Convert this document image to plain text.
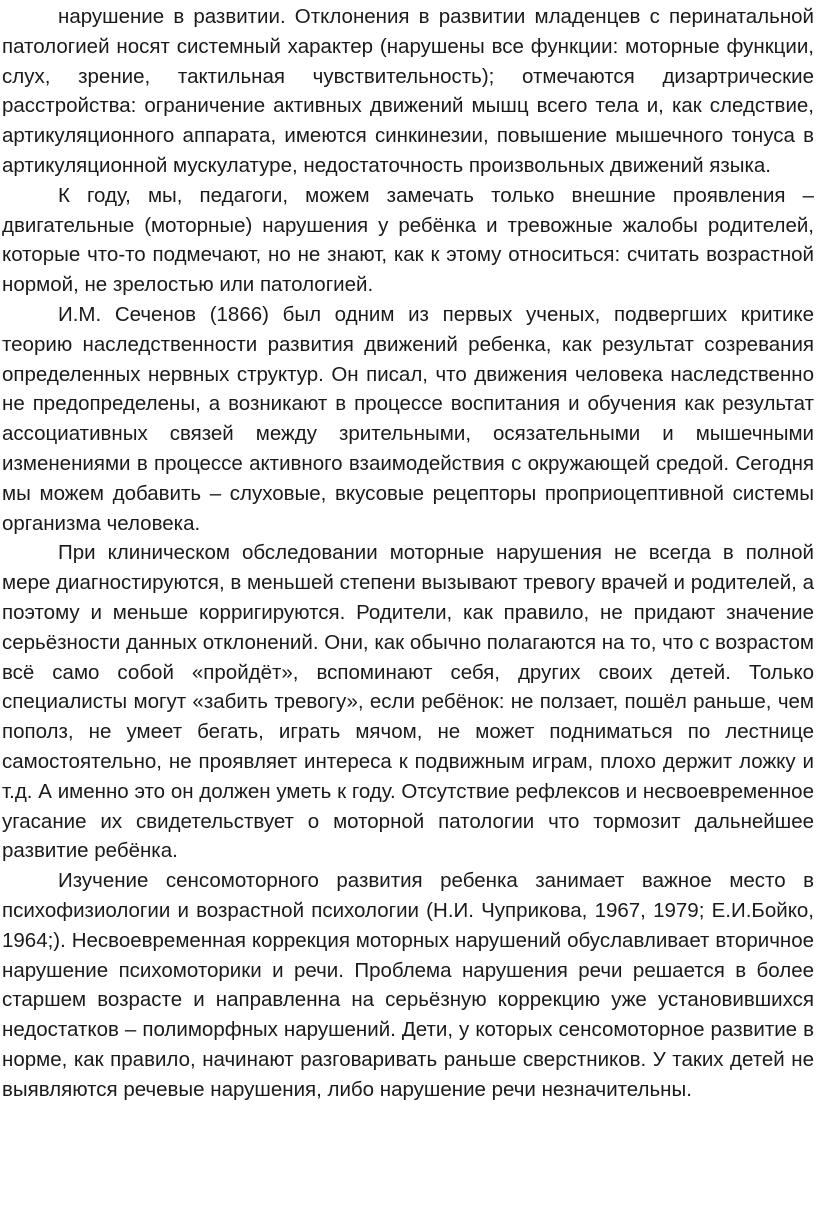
нарушение в развитии. Отклонения в развитии младенцев с перинатальной патологией носят системный характер (нарушены все функции: моторные функции, слух, зрение, тактильная чувствительность); отмечаются дизартрические расстройства: ограничение активных движений мышц всего тела и, как следствие, артикуляционного аппарата, имеются синкинезии, повышение мышечного тонуса в артикуляционной мускулатуре, недостаточность произвольных движений языка.

К году, мы, педагоги, можем замечать только внешние проявления – двигательные (моторные) нарушения у ребёнка и тревожные жалобы родителей, которые что-то подмечают, но не знают, как к этому относиться: считать возрастной нормой, не зрелостью или патологией.

И.М. Сеченов (1866) был одним из первых ученых, подвергших критике теорию наследственности развития движений ребенка, как результат созревания определенных нервных структур. Он писал, что движения человека наследственно не предопределены, а возникают в процессе воспитания и обучения как результат ассоциативных связей между зрительными, осязательными и мышечными изменениями в процессе активного взаимодействия с окружающей средой. Сегодня мы можем добавить – слуховые, вкусовые рецепторы проприоцептивной системы организма человека.

При клиническом обследовании моторные нарушения не всегда в полной мере диагностируются, в меньшей степени вызывают тревогу врачей и родителей, а поэтому и меньше корригируются. Родители, как правило, не придают значение серьёзности данных отклонений. Они, как обычно полагаются на то, что с возрастом всё само собой «пройдёт», вспоминают себя, других своих детей. Только специалисты могут «забить тревогу», если ребёнок: не ползает, пошёл раньше, чем пополз, не умеет бегать, играть мячом, не может подниматься по лестнице самостоятельно, не проявляет интереса к подвижным играм, плохо держит ложку и т.д. А именно это он должен уметь к году. Отсутствие рефлексов и несвоевременное угасание их свидетельствует о моторной патологии что тормозит дальнейшее развитие ребёнка.

Изучение сенсомоторного развития ребенка занимает важное место в психофизиологии и возрастной психологии (Н.И. Чуприкова, 1967, 1979; Е.И.Бойко, 1964;). Несвоевременная коррекция моторных нарушений обуславливает вторичное нарушение психомоторики и речи. Проблема нарушения речи решается в более старшем возрасте и направленна на серьёзную коррекцию уже установившихся недостатков – полиморфных нарушений. Дети, у которых сенсомоторное развитие в норме, как правило, начинают разговаривать раньше сверстников. У таких детей не выявляются речевые нарушения, либо нарушение речи незначительны.
